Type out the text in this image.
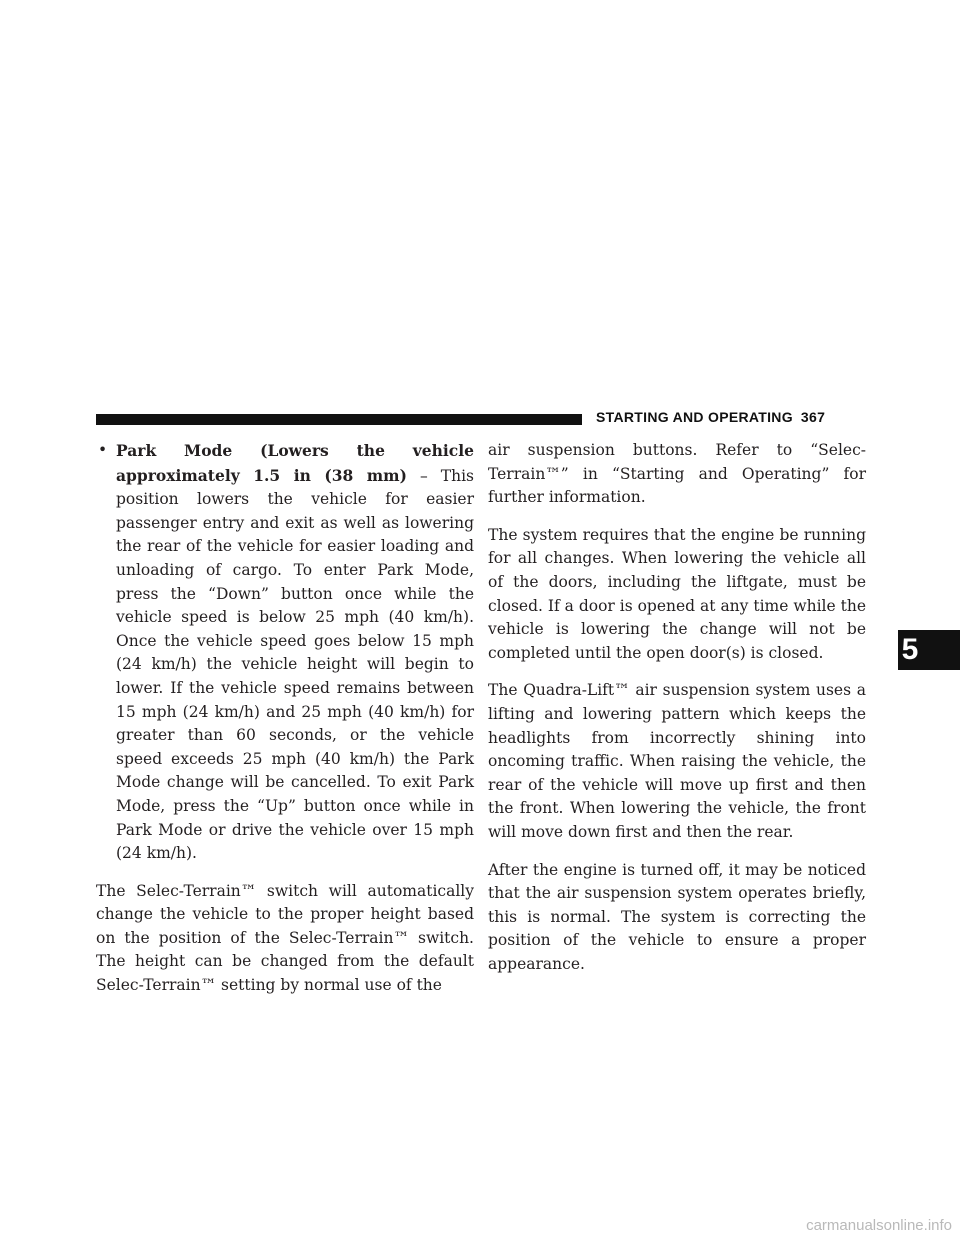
STARTING AND OPERATING 367
• Park Mode (Lowers the vehicle approximately 1.5 in (38 mm) – This position lowers the vehicle for easier passenger entry and exit as well as lowering the rear of the vehicle for easier loading and unloading of cargo. To enter Park Mode, press the “Down” button once while the vehicle speed is below 25 mph (40 km/h). Once the vehicle speed goes below 15 mph (24 km/h) the vehicle height will begin to lower. If the vehicle speed remains between 15 mph (24 km/h) and 25 mph (40 km/h) for greater than 60 seconds, or the vehicle speed exceeds 25 mph (40 km/h) the Park Mode change will be cancelled. To exit Park Mode, press the “Up” button once while in Park Mode or drive the vehicle over 15 mph (24 km/h).

The Selec-Terrain™ switch will automatically change the vehicle to the proper height based on the position of the Selec-Terrain™ switch. The height can be changed from the default Selec-Terrain™ setting by normal use of the

air suspension buttons. Refer to “Selec-Terrain™” in “Starting and Operating” for further information.

The system requires that the engine be running for all changes. When lowering the vehicle all of the doors, including the liftgate, must be closed. If a door is opened at any time while the vehicle is lowering the change will not be completed until the open door(s) is closed.

The Quadra-Lift™ air suspension system uses a lifting and lowering pattern which keeps the headlights from incorrectly shining into oncoming traffic. When raising the vehicle, the rear of the vehicle will move up first and then the front. When lowering the vehicle, the front will move down first and then the rear.

After the engine is turned off, it may be noticed that the air suspension system operates briefly, this is normal. The system is correcting the position of the vehicle to ensure a proper appearance.

5
carmanualsonline.info
